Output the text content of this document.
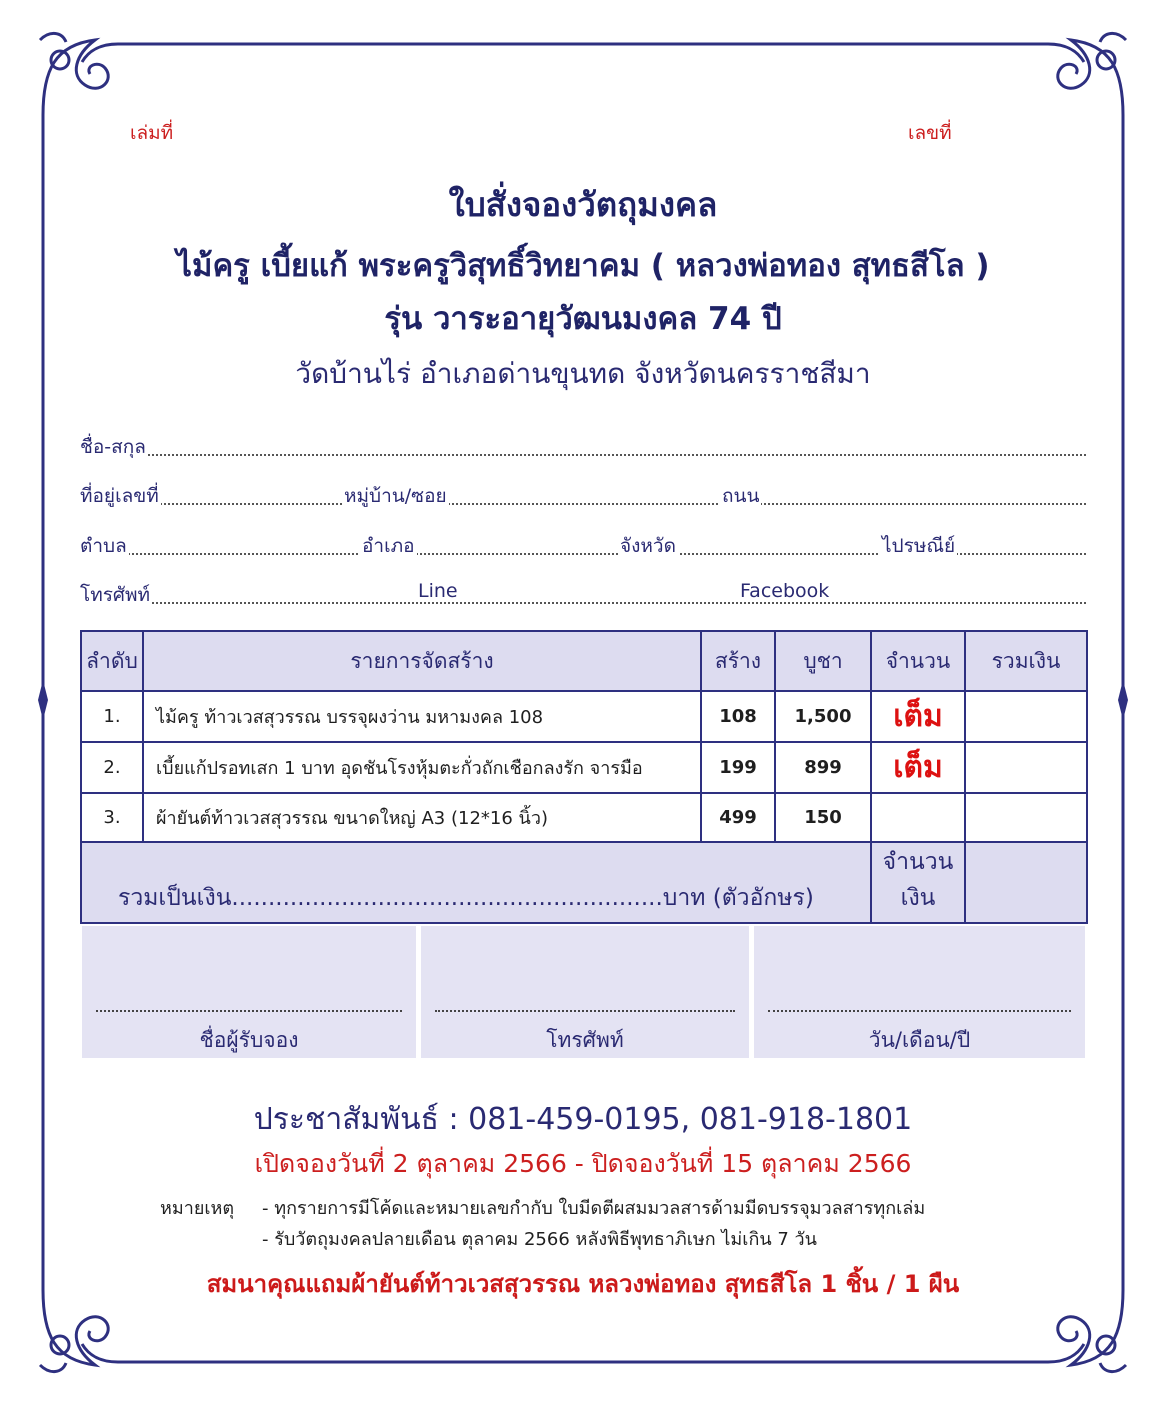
เล่มที่	เลขที่
ใบสั่งจองวัตถุมงคล
ไม้ครู เบี้ยแก้ พระครูวิสุทธิ์วิทยาคม ( หลวงพ่อทอง สุทธสีโล )
รุ่น วาระอายุวัฒนมงคล 74 ปี
วัดบ้านไร่ อำเภอด่านขุนทด จังหวัดนครราชสีมา
ชื่อ-สกุล
ที่อยู่เลขที่	หมู่บ้าน/ซอย	ถนน
ตำบล	อำเภอ	จังหวัด	ไปรษณีย์
โทรศัพท์	Line	Facebook
ลำดับ	รายการจัดสร้าง	สร้าง	บูชา	จำนวน	รวมเงิน
1.	ไม้ครู ท้าวเวสสุวรรณ บรรจุผงว่าน มหามงคล 108	108	1,500	เต็ม	
2.	เบี้ยแก้ปรอทเสก 1 บาท อุดชันโรงหุ้มตะกั่วถักเชือกลงรัก จารมือ	199	899	เต็ม	
3.	ผ้ายันต์ท้าวเวสสุวรรณ ขนาดใหญ่ A3 (12*16 นิ้ว)	499	150		
รวมเป็นเงิน...........................................................บาท (ตัวอักษร)				จำนวนเงิน	
ชื่อผู้รับจอง	โทรศัพท์	วัน/เดือน/ปี
ประชาสัมพันธ์ : 081-459-0195, 081-918-1801
เปิดจองวันที่ 2 ตุลาคม 2566 - ปิดจองวันที่ 15 ตุลาคม 2566
หมายเหตุ - ทุกรายการมีโค้ดและหมายเลขกำกับ ใบมีดตีผสมมวลสารด้ามมีดบรรจุมวลสารทุกเล่ม
- รับวัตถุมงคลปลายเดือน ตุลาคม 2566 หลังพิธีพุทธาภิเษก ไม่เกิน 7 วัน
สมนาคุณแถมผ้ายันต์ท้าวเวสสุวรรณ หลวงพ่อทอง สุทธสีโล 1 ชิ้น / 1 ผืน
